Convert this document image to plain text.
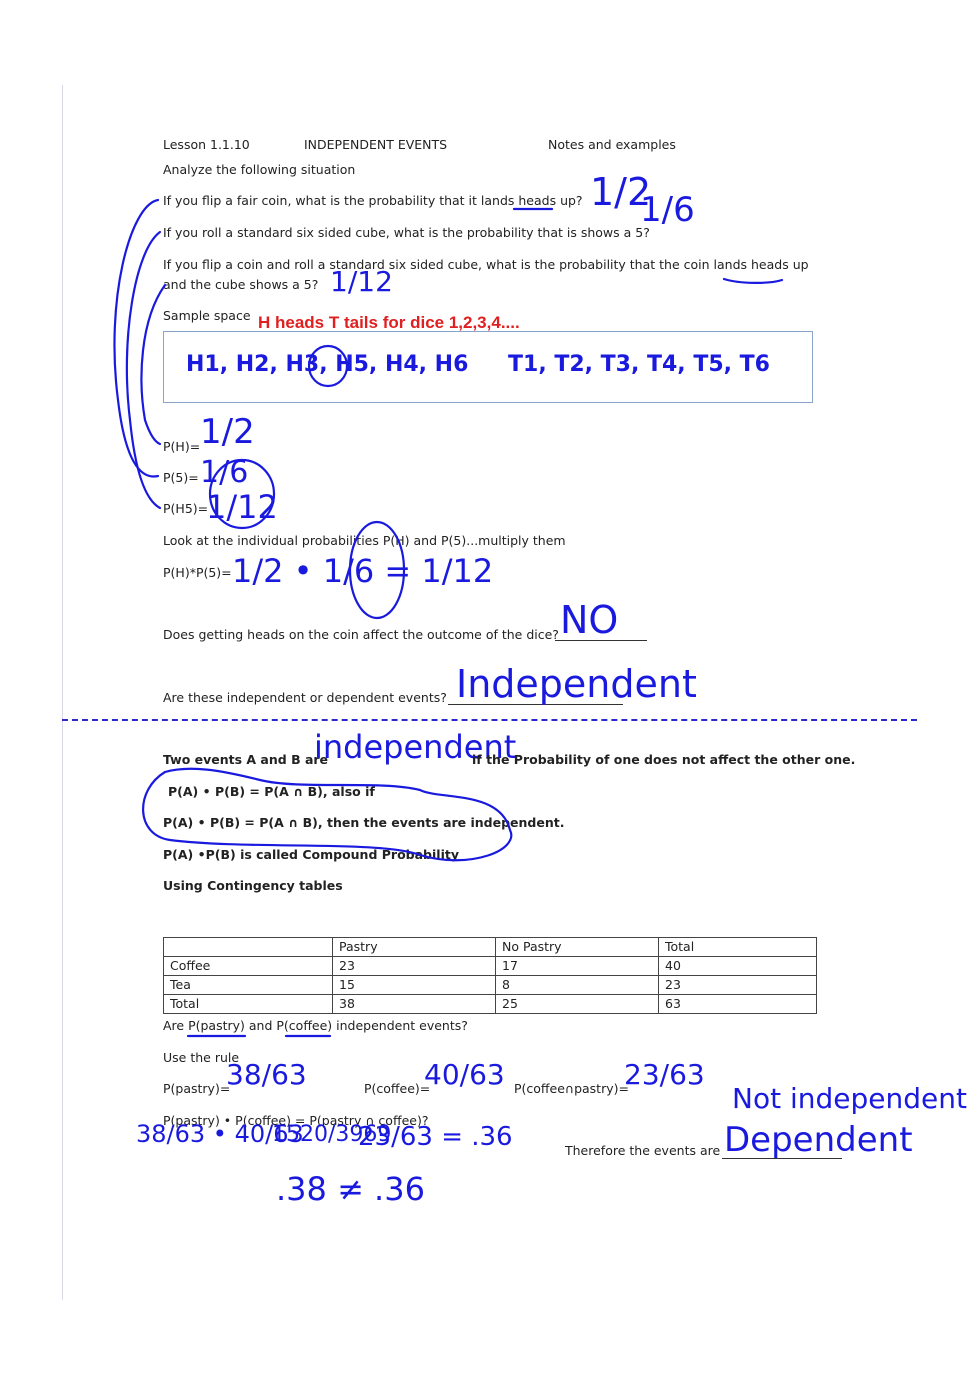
Lesson 1.1.10	INDEPENDENT EVENTS	Notes and examples
Analyze the following situation
If you flip a fair coin, what is the probability that it lands heads up? 1/2
If you roll a standard six sided cube, what is the probability that is shows a 5?
1/6
If you flip a coin and roll a standard six sided cube, what is the probability that the coin lands heads up
and the cube shows a 5? 1/12
Sample space H heads T tails for dice 1,2,3,4....
H1, H2, H3, H5, H4, H6 T1, T2, T3, T4, T5, T6
P(H)= 1/2
P(5)= 1/6
P(H5)=
1/12
Look at the individual probabilities P(H) and P(5)...multiply them
P(H)*P(5)= 1/2 • 1/6 = 1/12
Does getting heads on the coin affect the outcome of the dice? NO
Are these independent or dependent events? Independent
Two events A and B are
independent
if the Probability of one does not affect the other one.
P(A) • P(B) = P(A ∩ B), also if
P(A) • P(B) = P(A ∩ B), then the events are independent.
P(A) •P(B) is called Compound Probability
Using Contingency tables
	Pastry	No Pastry	Total
Coffee	23	17	40
Tea	15	8	23
Total	38	25	63
Are P(pastry) and P(coffee) independent events?
Use the rule
P(pastry)=
38/63	P(coffee)=
40/63 P(coffee∩pastry)=
23/63
Not independent
P(pastry) • P(coffee) = P(pastry ∩ coffee)?
38/63 • 40/63
1520/3969
23/63 = .36
.38 ≠ .36
Therefore the events are Dependent
